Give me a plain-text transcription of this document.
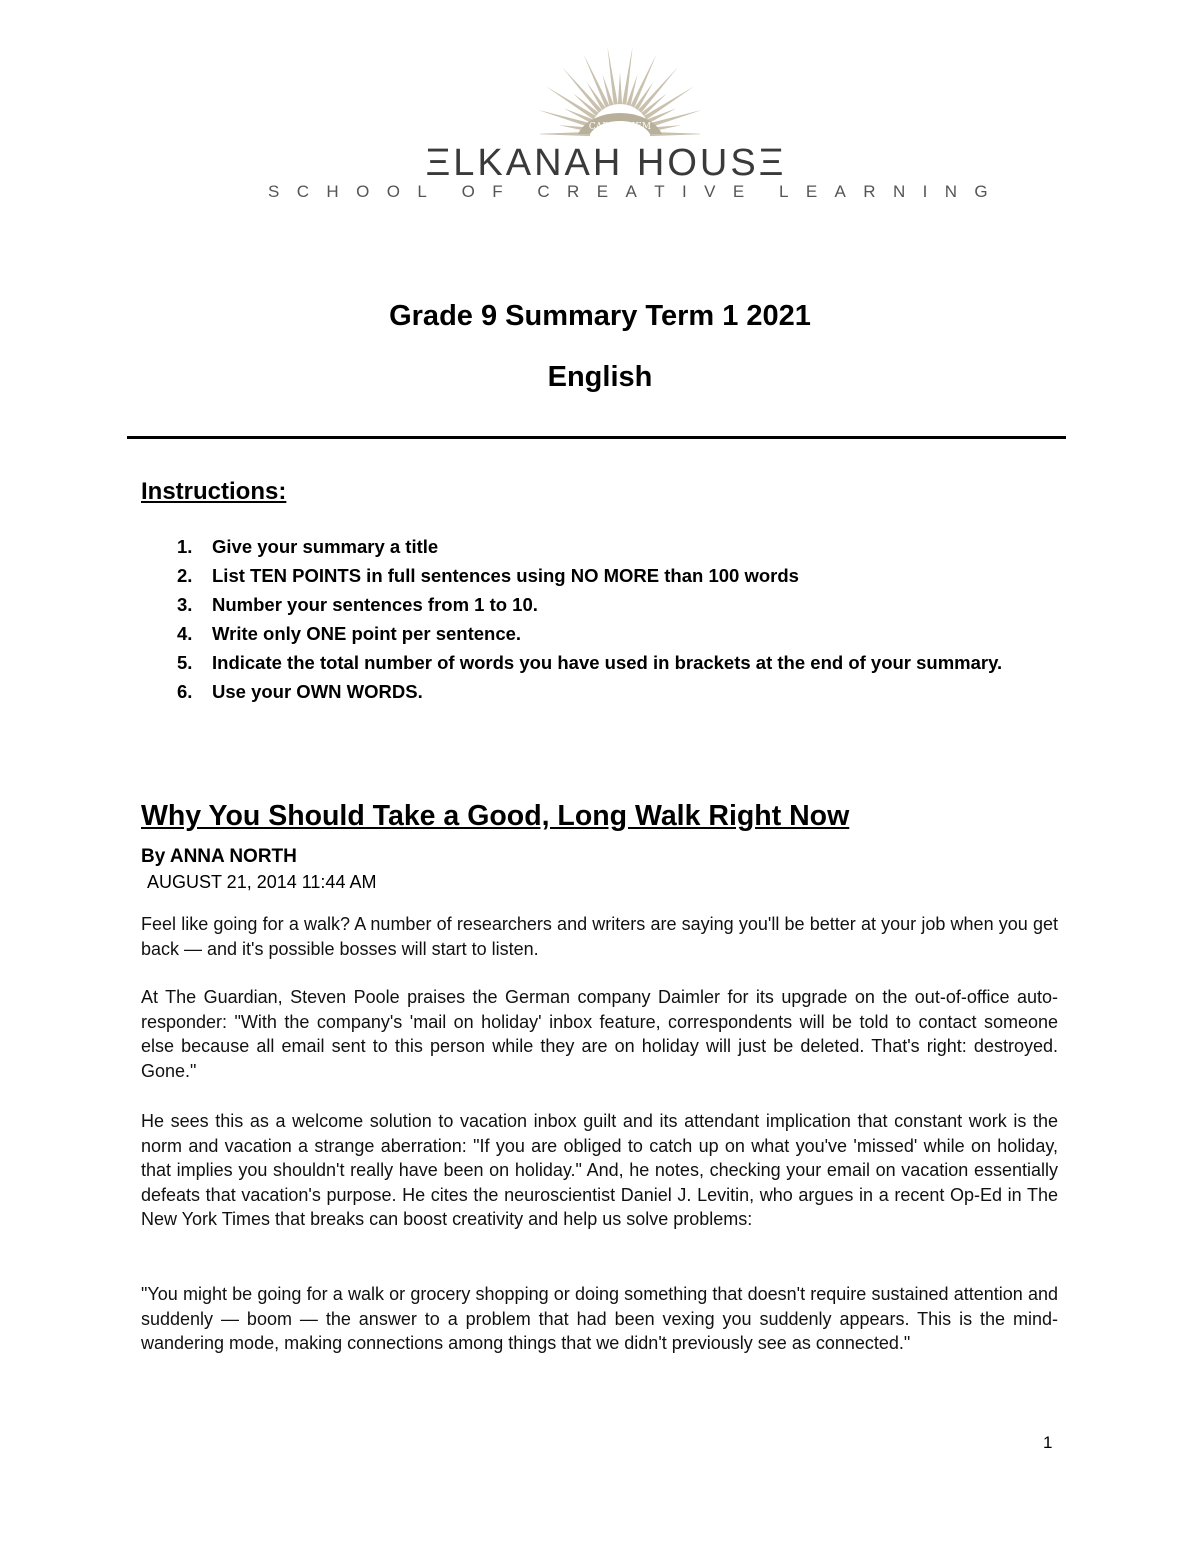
CARPE DIEM
ΞLKANAH HOUSΞ
S C H O O L O F C R E A T I V E L E A R N I N G
Grade 9 Summary Term 1 2021
English
Instructions:
1. Give your summary a title
2. List TEN POINTS in full sentences using NO MORE than 100 words
3. Number your sentences from 1 to 10.
4. Write only ONE point per sentence.
5. Indicate the total number of words you have used in brackets at the end of your summary.
6. Use your OWN WORDS.
Why You Should Take a Good, Long Walk Right Now

By ANNA NORTH

AUGUST 21, 2014 11:44 AM

Feel like going for a walk? A number of researchers and writers are saying you'll be better at your job when you get back — and it's possible bosses will start to listen.

At The Guardian, Steven Poole praises the German company Daimler for its upgrade on the out-of-office auto-responder: "With the company's 'mail on holiday' inbox feature, correspondents will be told to contact someone else because all email sent to this person while they are on holiday will just be deleted. That's right: destroyed. Gone."

He sees this as a welcome solution to vacation inbox guilt and its attendant implication that constant work is the norm and vacation a strange aberration: "If you are obliged to catch up on what you've 'missed' while on holiday, that implies you shouldn't really have been on holiday." And, he notes, checking your email on vacation essentially defeats that vacation's purpose. He cites the neuroscientist Daniel J. Levitin, who argues in a recent Op-Ed in The New York Times that breaks can boost creativity and help us solve problems:

"You might be going for a walk or grocery shopping or doing something that doesn't require sustained attention and suddenly — boom — the answer to a problem that had been vexing you suddenly appears. This is the mind-wandering mode, making connections among things that we didn't previously see as connected."

1
